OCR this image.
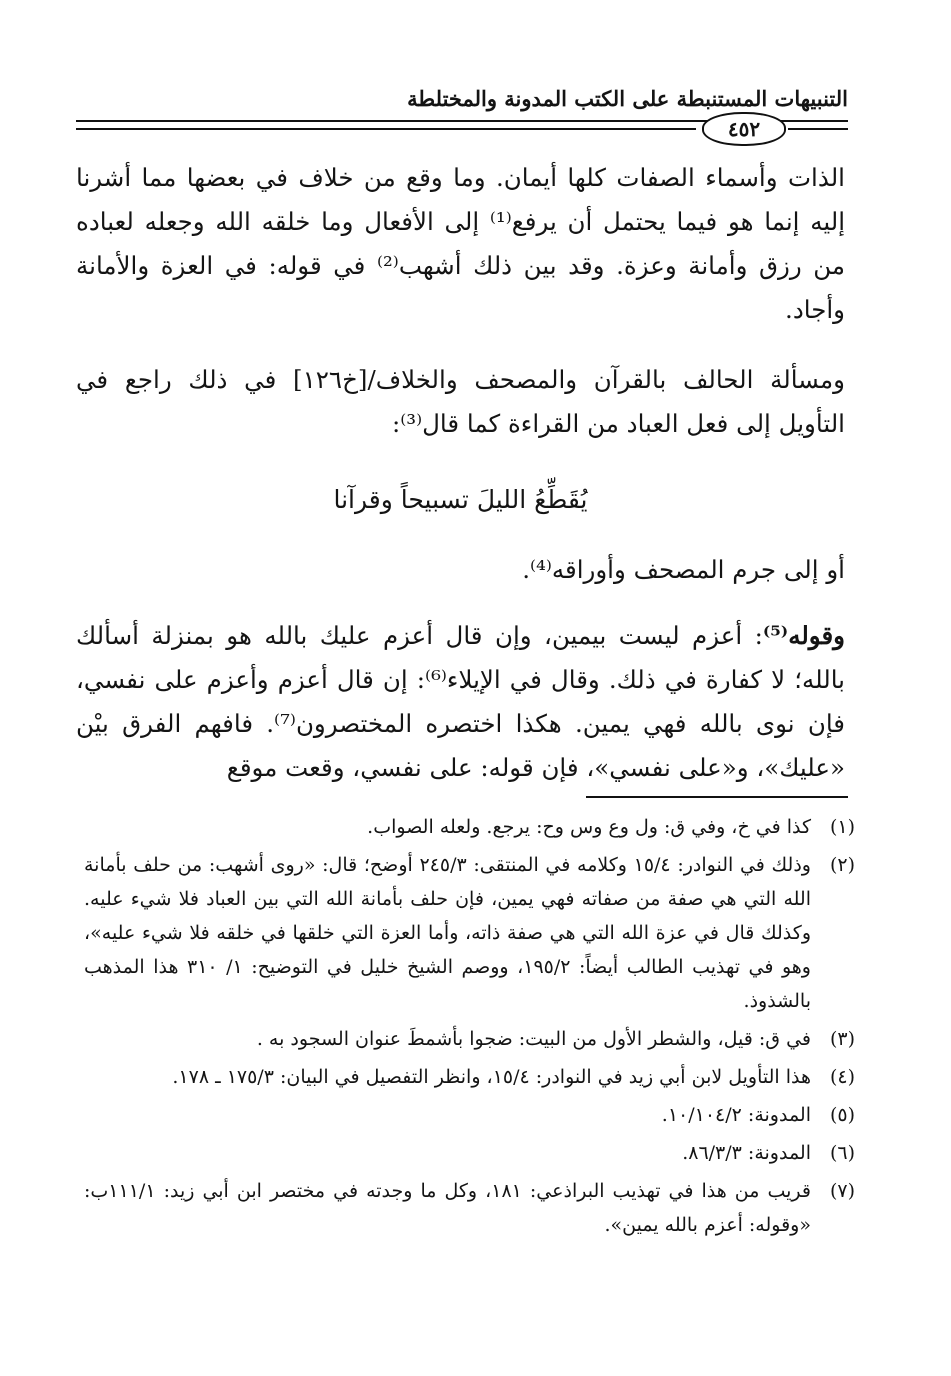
التنبيهات المستنبطة على الكتب المدونة والمختلطة
٤٥٢

الذات وأسماء الصفات كلها أيمان. وما وقع من خلاف في بعضها مما أشرنا إليه إنما هو فيما يحتمل أن يرفع⁽¹⁾ إلى الأفعال وما خلقه الله وجعله لعباده من رزق وأمانة وعزة. وقد بين ذلك أشهب⁽²⁾ في قوله: في العزة والأمانة وأجاد.

ومسألة الحالف بالقرآن والمصحف والخلاف/[خ١٢٦] في ذلك راجع في التأويل إلى فعل العباد من القراءة كما قال⁽³⁾:

يُقَطِّعُ الليلَ تسبيحاً وقرآنا

أو إلى جرم المصحف وأوراقه⁽⁴⁾.

وقوله⁽⁵⁾: أعزم ليست بيمين، وإن قال أعزم عليك بالله هو بمنزلة أسألك بالله؛ لا كفارة في ذلك. وقال في الإيلاء⁽⁶⁾: إن قال أعزم وأعزم على نفسي، فإن نوى بالله فهي يمين. هكذا اختصره المختصرون⁽⁷⁾. فافهم الفرق بيْن «عليك»، و«على نفسي»، فإن قوله: على نفسي، وقعت موقع

(١)
كذا في خ، وفي ق: ول وع وس وح: يرجع. ولعله الصواب.
(٢)
وذلك في النوادر: ١٥/٤ وكلامه في المنتقى: ٢٤٥/٣ أوضح؛ قال: «روى أشهب: من حلف بأمانة الله التي هي صفة من صفاته فهي يمين، فإن حلف بأمانة الله التي بين العباد فلا شيء عليه. وكذلك قال في عزة الله التي هي صفة ذاته، وأما العزة التي خلقها في خلقه فلا شيء عليه»، وهو في تهذيب الطالب أيضاً: ١٩٥/٢، ووصم الشيخ خليل في التوضيح: ١/ ٣١٠ هذا المذهب بالشذوذ.
(٣)
في ق: قيل، والشطر الأول من البيت: ضجوا بأشمطَ عنوان السجود به .
(٤)
هذا التأويل لابن أبي زيد في النوادر: ١٥/٤، وانظر التفصيل في البيان: ١٧٥/٣ ـ ١٧٨.
(٥)
المدونة: ١٠/١٠٤/٢.
(٦)
المدونة: ٨٦/٣/٣.
(٧)
قريب من هذا في تهذيب البراذعي: ١٨١، وكل ما وجدته في مختصر ابن أبي زيد: ١١١/١ب: «وقوله: أعزم بالله يمين».
